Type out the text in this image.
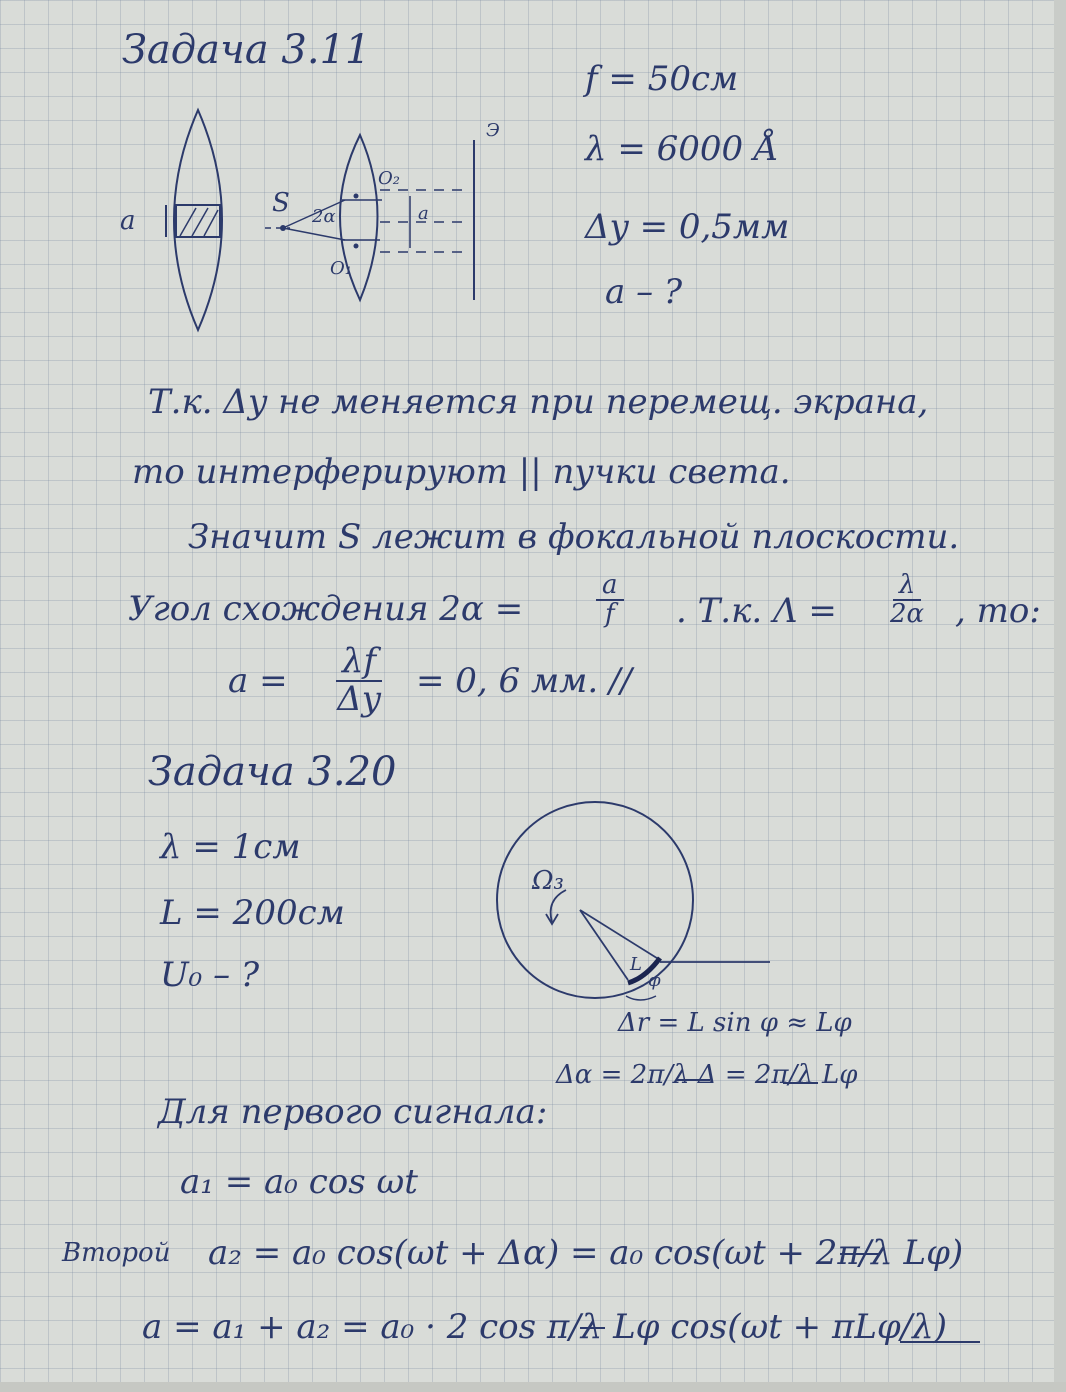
Задача 3.11
f = 50см
λ = 6000 Å
Δy = 0,5мм
a – ?
a
S 2α
O₂
O₁
a
Э
Т.к. Δy не меняется при перемещ. экрана,
то интерферируют || пучки света.
Значит S лежит в фокальной плоскости.
Угол схождения 2α =	$\frac{a}{f}$ . Т.к. $\Lambda = \frac{\lambda}{2\alpha}$ , то:
$a = \frac{\lambda f}{\Delta y} = 0$, 6 мм. //
Задача 3.20
λ = 1см
L = 200см
U₀ – ?
Ω₃
L
φ
Δr = L sin φ ≈ Lφ
Δα = 2π/λ Δ = 2π/λ Lφ
Для первого сигнала:
a₁ = a₀ cos ωt
Второй a₂ = a₀ cos(ωt + Δα) = a₀ cos(ωt + 2π/λ Lφ)
a = a₁ + a₂ = a₀ · 2 cos π/λ Lφ cos(ωt + πLφ/λ)
